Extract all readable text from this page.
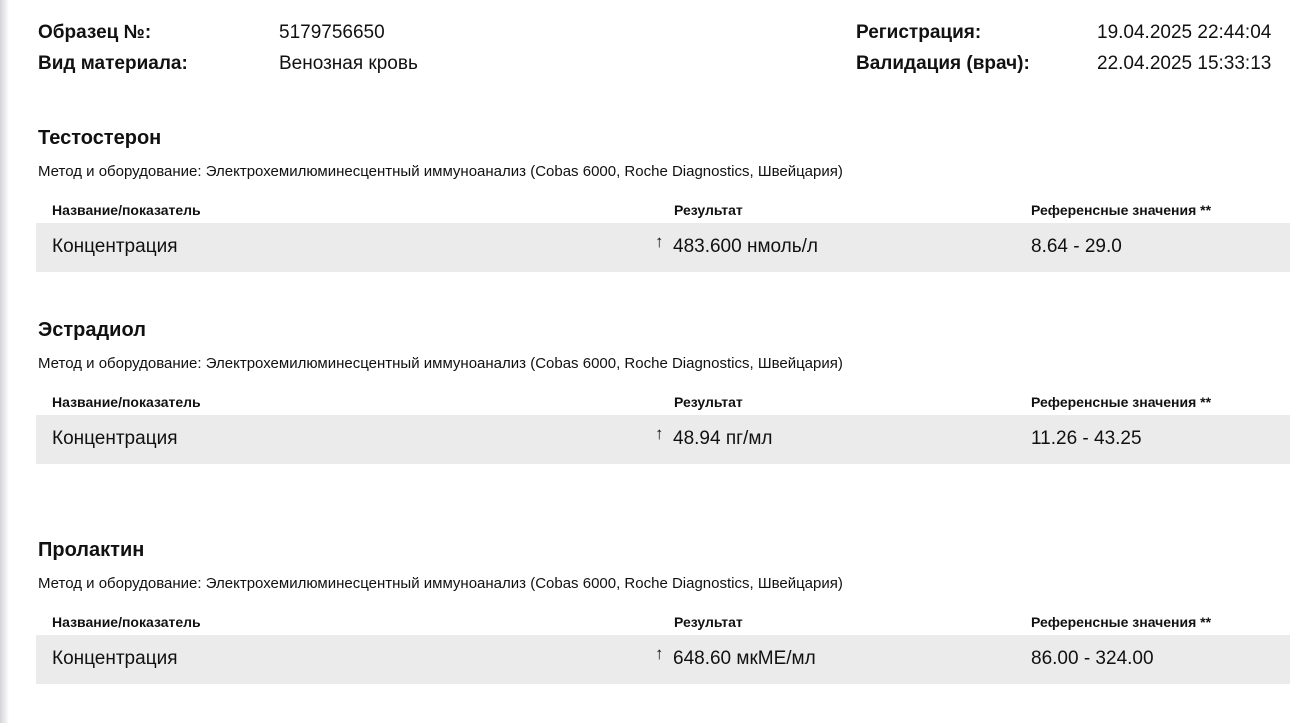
Образец №:	5179756650
Вид материала:	Венозная кровь
Регистрация:	19.04.2025 22:44:04
Валидация (врач):	22.04.2025 15:33:13
Тестостерон
Метод и оборудование: Электрохемилюминесцентный иммуноанализ (Cobas 6000, Roche Diagnostics, Швейцария)
Название/показатель	Результат	Референсные значения **
Концентрация	↑ 483.600 нмоль/л	8.64 - 29.0
Эстрадиол
Метод и оборудование: Электрохемилюминесцентный иммуноанализ (Cobas 6000, Roche Diagnostics, Швейцария)
Название/показатель	Результат	Референсные значения **
Концентрация	↑ 48.94 пг/мл	11.26 - 43.25
Пролактин
Метод и оборудование: Электрохемилюминесцентный иммуноанализ (Cobas 6000, Roche Diagnostics, Швейцария)
Название/показатель	Результат	Референсные значения **
Концентрация	↑ 648.60 мкМЕ/мл	86.00 - 324.00
